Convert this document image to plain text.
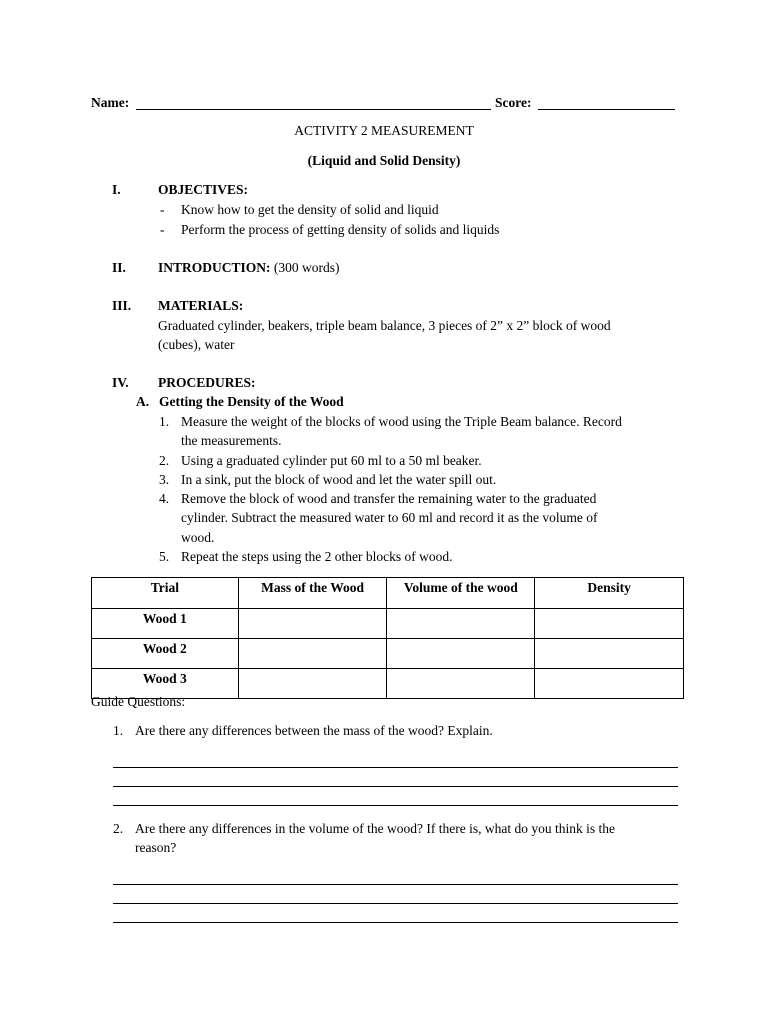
Name:	Score:
ACTIVITY 2 MEASUREMENT
(Liquid and Solid Density)
I.	OBJECTIVES:
- Know how to get the density of solid and liquid
- Perform the process of getting density of solids and liquids
II. INTRODUCTION: (300 words)
III. MATERIALS:
Graduated cylinder, beakers, triple beam balance, 3 pieces of 2” x 2” block of wood
(cubes), water
IV. PROCEDURES:
A. Getting the Density of the Wood
1. Measure the weight of the blocks of wood using the Triple Beam balance. Record
the measurements.
2. Using a graduated cylinder put 60 ml to a 50 ml beaker.
3. In a sink, put the block of wood and let the water spill out.
4. Remove the block of wood and transfer the remaining water to the graduated
cylinder. Subtract the measured water to 60 ml and record it as the volume of
wood.
5. Repeat the steps using the 2 other blocks of wood.
Trial	Mass of the Wood	Volume of the wood	Density
Wood 1			
Wood 2			
Wood 3			
Guide Questions:
1. Are there any differences between the mass of the wood? Explain.
2. Are there any differences in the volume of the wood? If there is, what do you think is the
reason?
